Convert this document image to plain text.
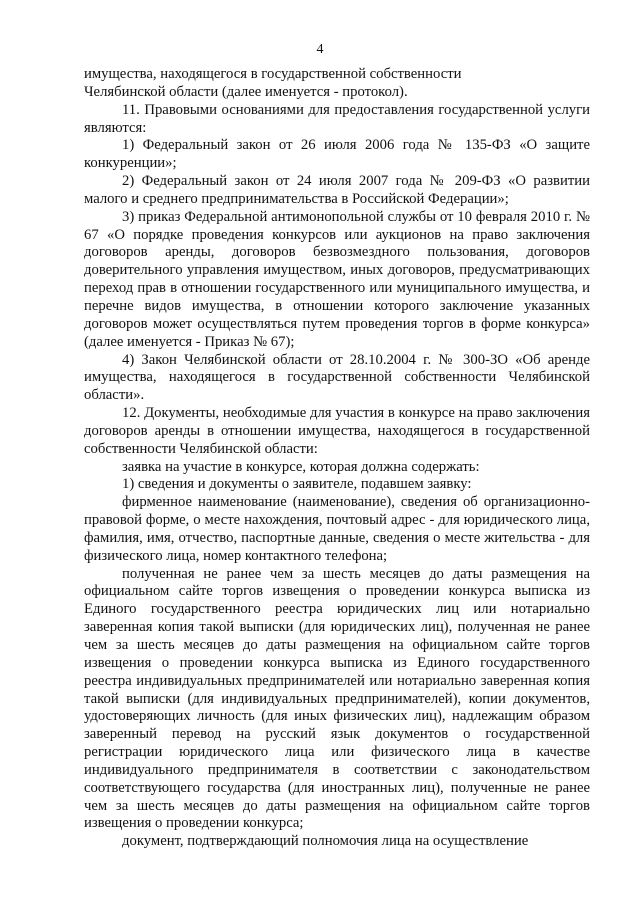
4

имущества, находящегося в государственной собственности

Челябинской области (далее именуется - протокол).

11. Правовыми основаниями для предоставления государственной услуги являются:

1) Федеральный закон от 26 июля 2006 года № 135-ФЗ «О защите конкуренции»;

2) Федеральный закон от 24 июля 2007 года № 209-ФЗ «О развитии малого и среднего предпринимательства в Российской Федерации»;

3) приказ Федеральной антимонопольной службы от 10 февраля 2010 г. № 67 «О порядке проведения конкурсов или аукционов на право заключения договоров аренды, договоров безвозмездного пользования, договоров доверительного управления имуществом, иных договоров, предусматривающих переход прав в отношении государственного или муниципального имущества, и перечне видов имущества, в отношении которого заключение указанных договоров может осуществляться путем проведения торгов в форме конкурса» (далее именуется - Приказ № 67);

4) Закон Челябинской области от 28.10.2004 г. № 300-ЗО «Об аренде имущества, находящегося в государственной собственности Челябинской области».

12. Документы, необходимые для участия в конкурсе на право заключения договоров аренды в отношении имущества, находящегося в государственной собственности Челябинской области:

заявка на участие в конкурсе, которая должна содержать:

1) сведения и документы о заявителе, подавшем заявку:

фирменное наименование (наименование), сведения об организационно-правовой форме, о месте нахождения, почтовый адрес - для юридического лица, фамилия, имя, отчество, паспортные данные, сведения о месте жительства - для физического лица, номер контактного телефона;

полученная не ранее чем за шесть месяцев до даты размещения на официальном сайте торгов извещения о проведении конкурса выписка из Единого государственного реестра юридических лиц или нотариально заверенная копия такой выписки (для юридических лиц), полученная не ранее чем за шесть месяцев до даты размещения на официальном сайте торгов извещения о проведении конкурса выписка из Единого государственного реестра индивидуальных предпринимателей или нотариально заверенная копия такой выписки (для индивидуальных предпринимателей), копии документов, удостоверяющих личность (для иных физических лиц), надлежащим образом заверенный перевод на русский язык документов о государственной регистрации юридического лица или физического лица в качестве индивидуального предпринимателя в соответствии с законодательством соответствующего государства (для иностранных лиц), полученные не ранее чем за шесть месяцев до даты размещения на официальном сайте торгов извещения о проведении конкурса;

документ, подтверждающий полномочия лица на осуществление
